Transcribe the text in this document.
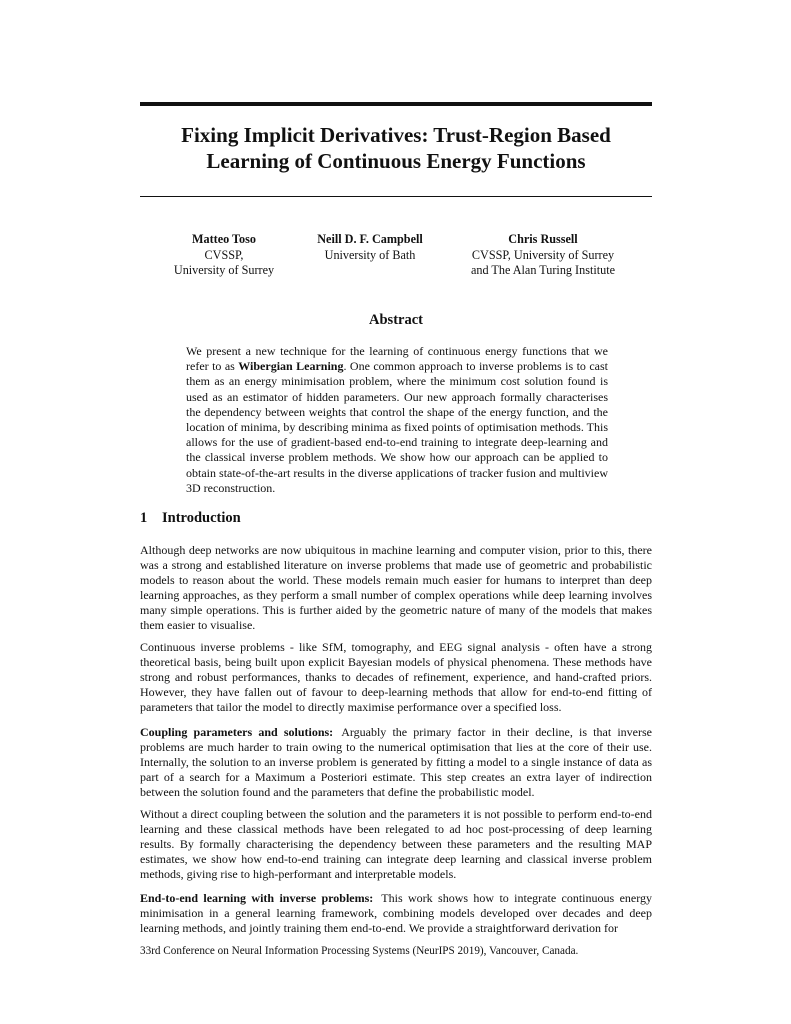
Fixing Implicit Derivatives: Trust-Region Based
Learning of Continuous Energy Functions
Matteo Toso
CVSSP,
University of Surrey
Neill D. F. Campbell
University of Bath
Chris Russell
CVSSP, University of Surrey
and The Alan Turing Institute
Abstract
We present a new technique for the learning of continuous energy functions that we refer to as Wibergian Learning. One common approach to inverse problems is to cast them as an energy minimisation problem, where the minimum cost solution found is used as an estimator of hidden parameters. Our new approach formally characterises the dependency between weights that control the shape of the energy function, and the location of minima, by describing minima as fixed points of optimisation methods. This allows for the use of gradient-based end-to-end training to integrate deep-learning and the classical inverse problem methods. We show how our approach can be applied to obtain state-of-the-art results in the diverse applications of tracker fusion and multiview 3D reconstruction.
1 Introduction

Although deep networks are now ubiquitous in machine learning and computer vision, prior to this, there was a strong and established literature on inverse problems that made use of geometric and probabilistic models to reason about the world. These models remain much easier for humans to interpret than deep learning approaches, as they perform a small number of complex operations while deep learning involves many simple operations. This is further aided by the geometric nature of many of the models that makes them easier to visualise.

Continuous inverse problems - like SfM, tomography, and EEG signal analysis - often have a strong theoretical basis, being built upon explicit Bayesian models of physical phenomena. These methods have strong and robust performances, thanks to decades of refinement, experience, and hand-crafted priors. However, they have fallen out of favour to deep-learning methods that allow for end-to-end fitting of parameters that tailor the model to directly maximise performance over a specified loss.

Coupling parameters and solutions: Arguably the primary factor in their decline, is that inverse problems are much harder to train owing to the numerical optimisation that lies at the core of their use. Internally, the solution to an inverse problem is generated by fitting a model to a single instance of data as part of a search for a Maximum a Posteriori estimate. This step creates an extra layer of indirection between the solution found and the parameters that define the probabilistic model.

Without a direct coupling between the solution and the parameters it is not possible to perform end-to-end learning and these classical methods have been relegated to ad hoc post-processing of deep learning results. By formally characterising the dependency between these parameters and the resulting MAP estimates, we show how end-to-end training can integrate deep learning and classical inverse problem methods, giving rise to high-performant and interpretable models.

End-to-end learning with inverse problems: This work shows how to integrate continuous energy minimisation in a general learning framework, combining models developed over decades and deep learning methods, and jointly training them end-to-end. We provide a straightforward derivation for

33rd Conference on Neural Information Processing Systems (NeurIPS 2019), Vancouver, Canada.
